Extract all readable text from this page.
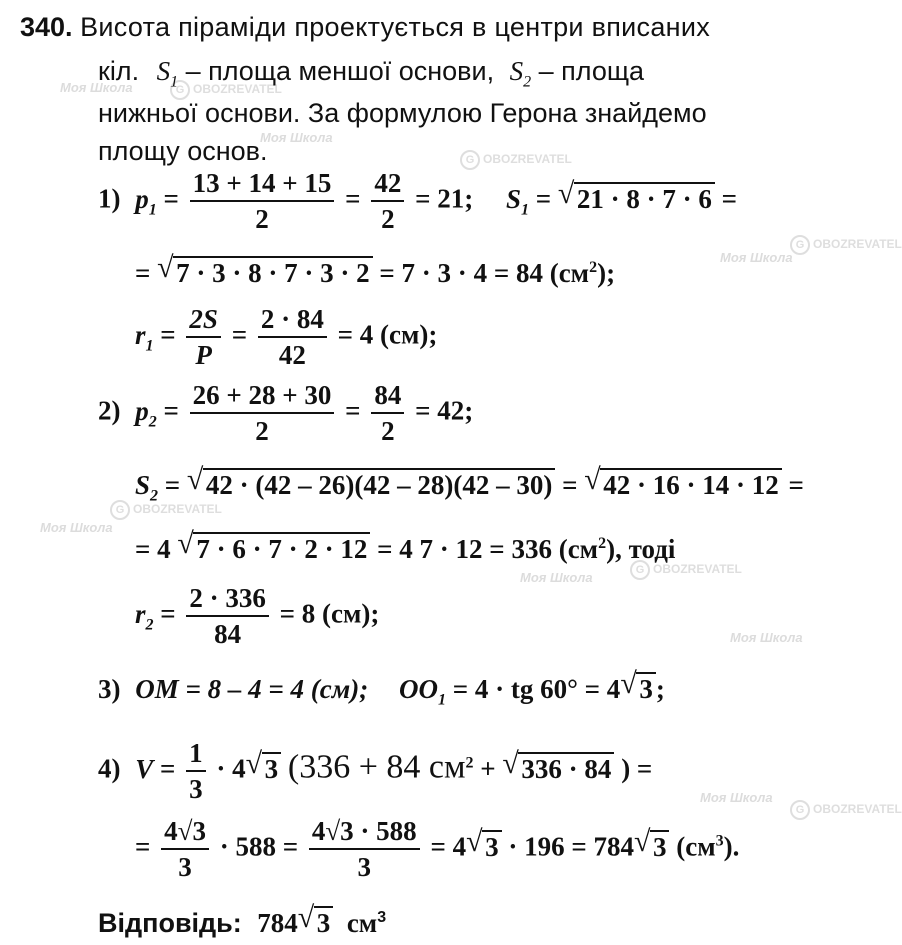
Моя Школа
G	OBOZREVATEL
Моя Школа
G OBOZREVATEL
Моя Школа
G OBOZREVATEL
Моя Школа
G OBOZREVATEL
Моя Школа
G OBOZREVATEL
Моя Школа
G OBOZREVATEL
Моя Школа
340. Висота піраміди проектується в центри вписаних
кіл. $S_1$ – площа меншої основи, $S_2$ – площа
нижньої основи. За формулою Герона знайдемо
площу основ.
1) $p_1 = \frac{13 + 14 + 15}{2} = \frac{42}{2} = 21$; $S_1$ = √ 21 · 8 · 7 · 6 =
= √ 7 · 3 · 8 · 7 · 3 · 2 = 7 · 3 · 4 = 84 $(см^2)$;
$r_1 = \frac{2S}{P} = \frac{2 \cdot 84}{42} = 4$ (см);
2) $p_2 = \frac{26 + 28 + 30}{2} = \frac{84}{2} = 42$;
$S_2$ = √ 42 · (42 – 26)(42 – 28)(42 – 30) = √ 42 · 16 · 14 · 12 =
= 4 √ 7 · 6 · 7 · 2 · 12 = 4 7 · 12 = 336 $(см^2)$, тоді
$r_2 = \frac{2 \cdot 336}{84} = 8$ (см);
3) OM = 8 – 4 = 4 (см); $OO_1 = 4$ · tg 60° = 4√ 3 ;
4) $V = \frac{1}{3} \cdot 4√$ 3 (336 + 84 $см^2$ + √ 336 · 84 ) =
= $\frac{4√3}{3} \cdot 588 = \frac{4√3 \cdot 588}{3} = 4√$ 3 · 196 = 784√ 3 $(см^3)$.
Відповідь: 784√ 3 $см^3$
